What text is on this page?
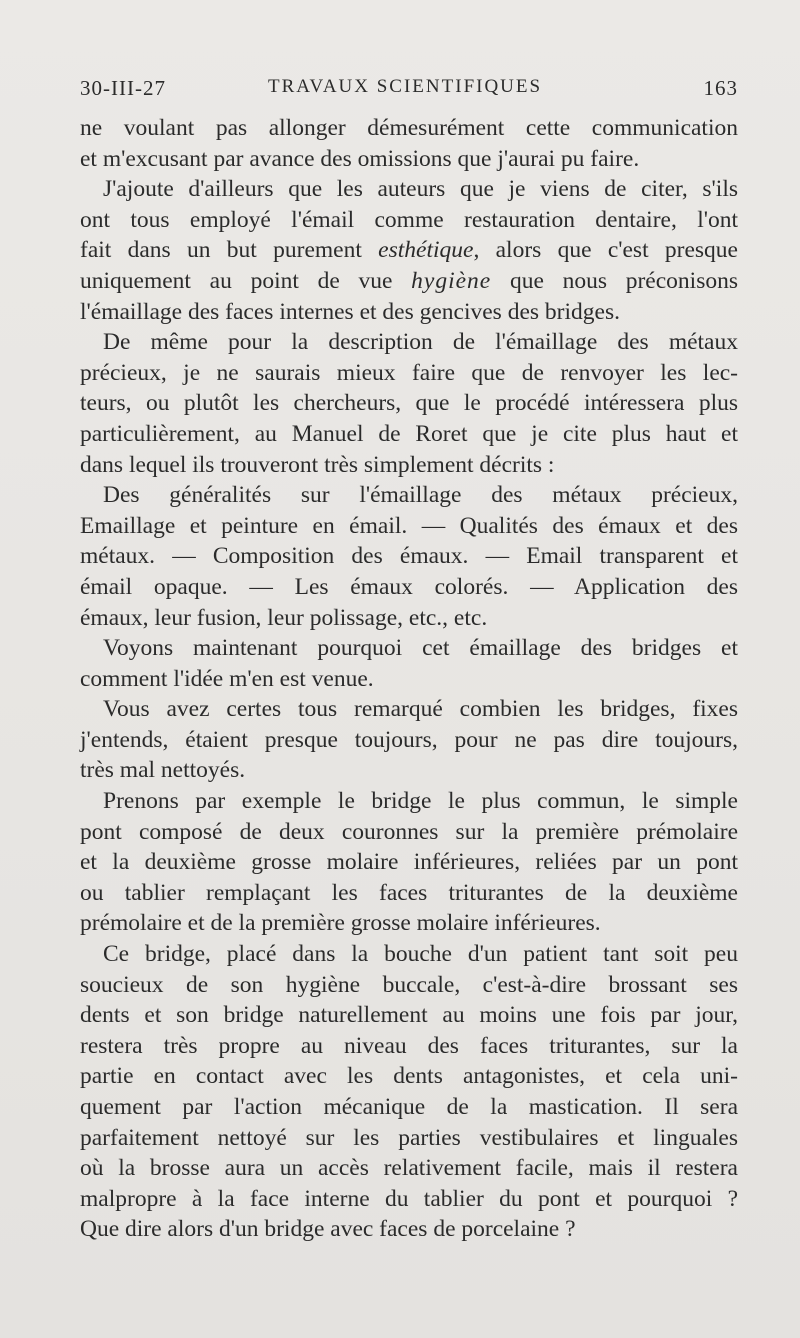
30-III-27	TRAVAUX SCIENTIFIQUES	163
ne voulant pas allonger démesurément cette communication
et m'excusant par avance des omissions que j'aurai pu faire.
J'ajoute d'ailleurs que les auteurs que je viens de citer, s'ils
ont tous employé l'émail comme restauration dentaire, l'ont
fait dans un but purement esthétique, alors que c'est presque
uniquement au point de vue hygiène que nous préconisons
l'émaillage des faces internes et des gencives des bridges.
De même pour la description de l'émaillage des métaux
précieux, je ne saurais mieux faire que de renvoyer les lec-
teurs, ou plutôt les chercheurs, que le procédé intéressera plus
particulièrement, au Manuel de Roret que je cite plus haut et
dans lequel ils trouveront très simplement décrits :
Des généralités sur l'émaillage des métaux précieux,
Emaillage et peinture en émail. — Qualités des émaux et des
métaux. — Composition des émaux. — Email transparent et
émail opaque. — Les émaux colorés. — Application des
émaux, leur fusion, leur polissage, etc., etc.
Voyons maintenant pourquoi cet émaillage des bridges et
comment l'idée m'en est venue.
Vous avez certes tous remarqué combien les bridges, fixes
j'entends, étaient presque toujours, pour ne pas dire toujours,
très mal nettoyés.
Prenons par exemple le bridge le plus commun, le simple
pont composé de deux couronnes sur la première prémolaire
et la deuxième grosse molaire inférieures, reliées par un pont
ou tablier remplaçant les faces triturantes de la deuxième
prémolaire et de la première grosse molaire inférieures.
Ce bridge, placé dans la bouche d'un patient tant soit peu
soucieux de son hygiène buccale, c'est-à-dire brossant ses
dents et son bridge naturellement au moins une fois par jour,
restera très propre au niveau des faces triturantes, sur la
partie en contact avec les dents antagonistes, et cela uni-
quement par l'action mécanique de la mastication. Il sera
parfaitement nettoyé sur les parties vestibulaires et linguales
où la brosse aura un accès relativement facile, mais il restera
malpropre à la face interne du tablier du pont et pourquoi ?
Que dire alors d'un bridge avec faces de porcelaine ?
